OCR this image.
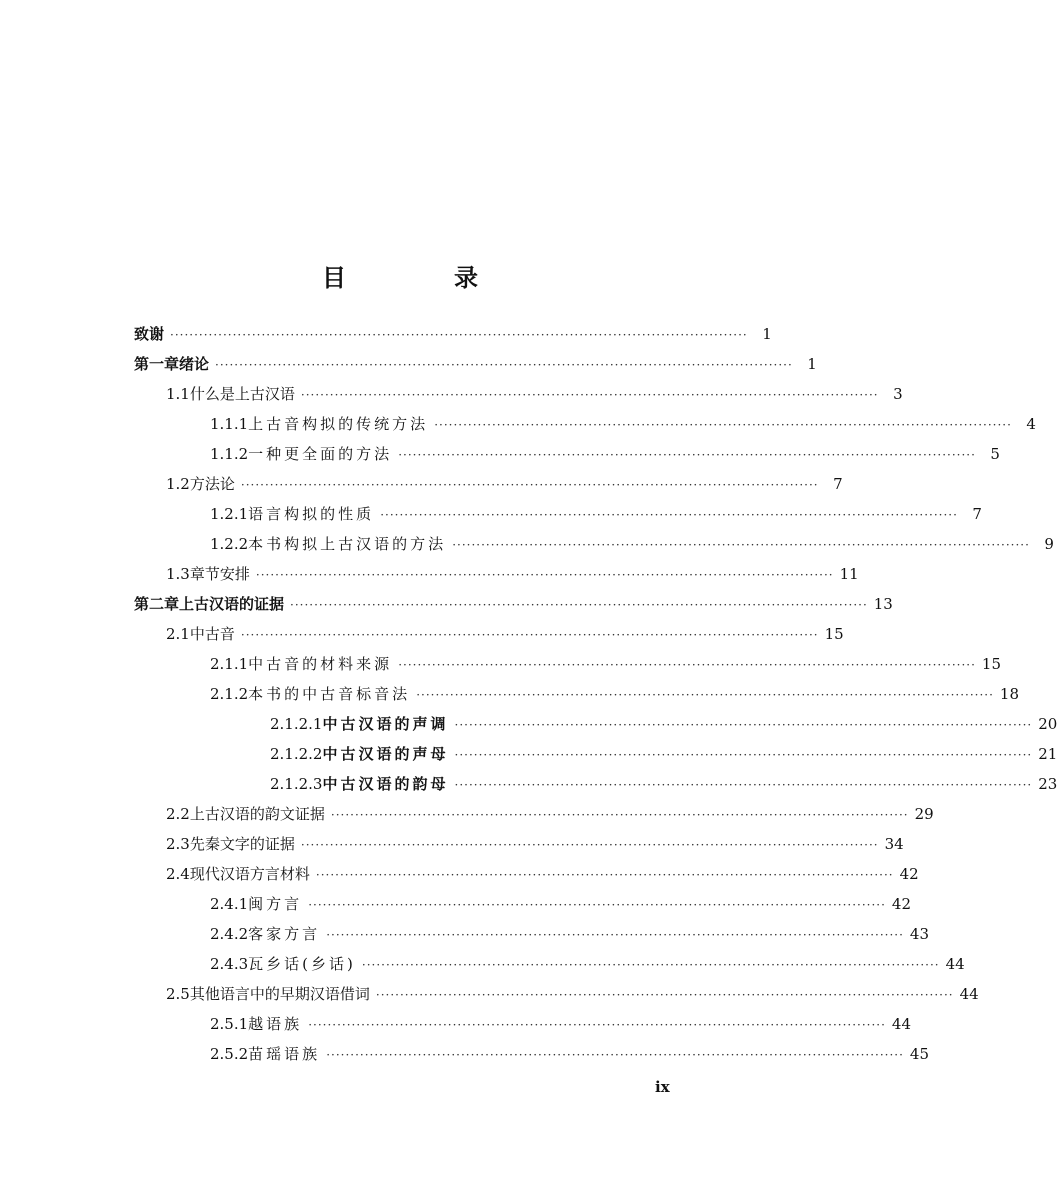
目　录
致谢 ························································································································ 1
第一章 绪论 ························································································································ 1
1.1 什么是上古汉语 ························································································································ 3
1.1.1 上古音构拟的传统方法 ························································································································ 4
1.1.2 一种更全面的方法 ························································································································ 5
1.2 方法论 ························································································································ 7
1.2.1 语言构拟的性质 ························································································································ 7
1.2.2 本书构拟上古汉语的方法 ························································································································ 9
1.3 章节安排 ························································································································ 11
第二章 上古汉语的证据 ························································································································ 13
2.1 中古音 ························································································································ 15
2.1.1 中古音的材料来源 ························································································································ 15
2.1.2 本书的中古音标音法 ························································································································ 18
2.1.2.1 中古汉语的声调 ························································································································ 20
2.1.2.2 中古汉语的声母 ························································································································ 21
2.1.2.3 中古汉语的韵母 ························································································································ 23
2.2 上古汉语的韵文证据 ························································································································ 29
2.3 先秦文字的证据 ························································································································ 34
2.4 现代汉语方言材料 ························································································································ 42
2.4.1 闽方言 ························································································································ 42
2.4.2 客家方言 ························································································································ 43
2.4.3 瓦乡话(乡话) ························································································································ 44
2.5 其他语言中的早期汉语借词 ························································································································ 44
2.5.1 越语族 ························································································································ 44
2.5.2 苗瑶语族 ························································································································ 45
ix
